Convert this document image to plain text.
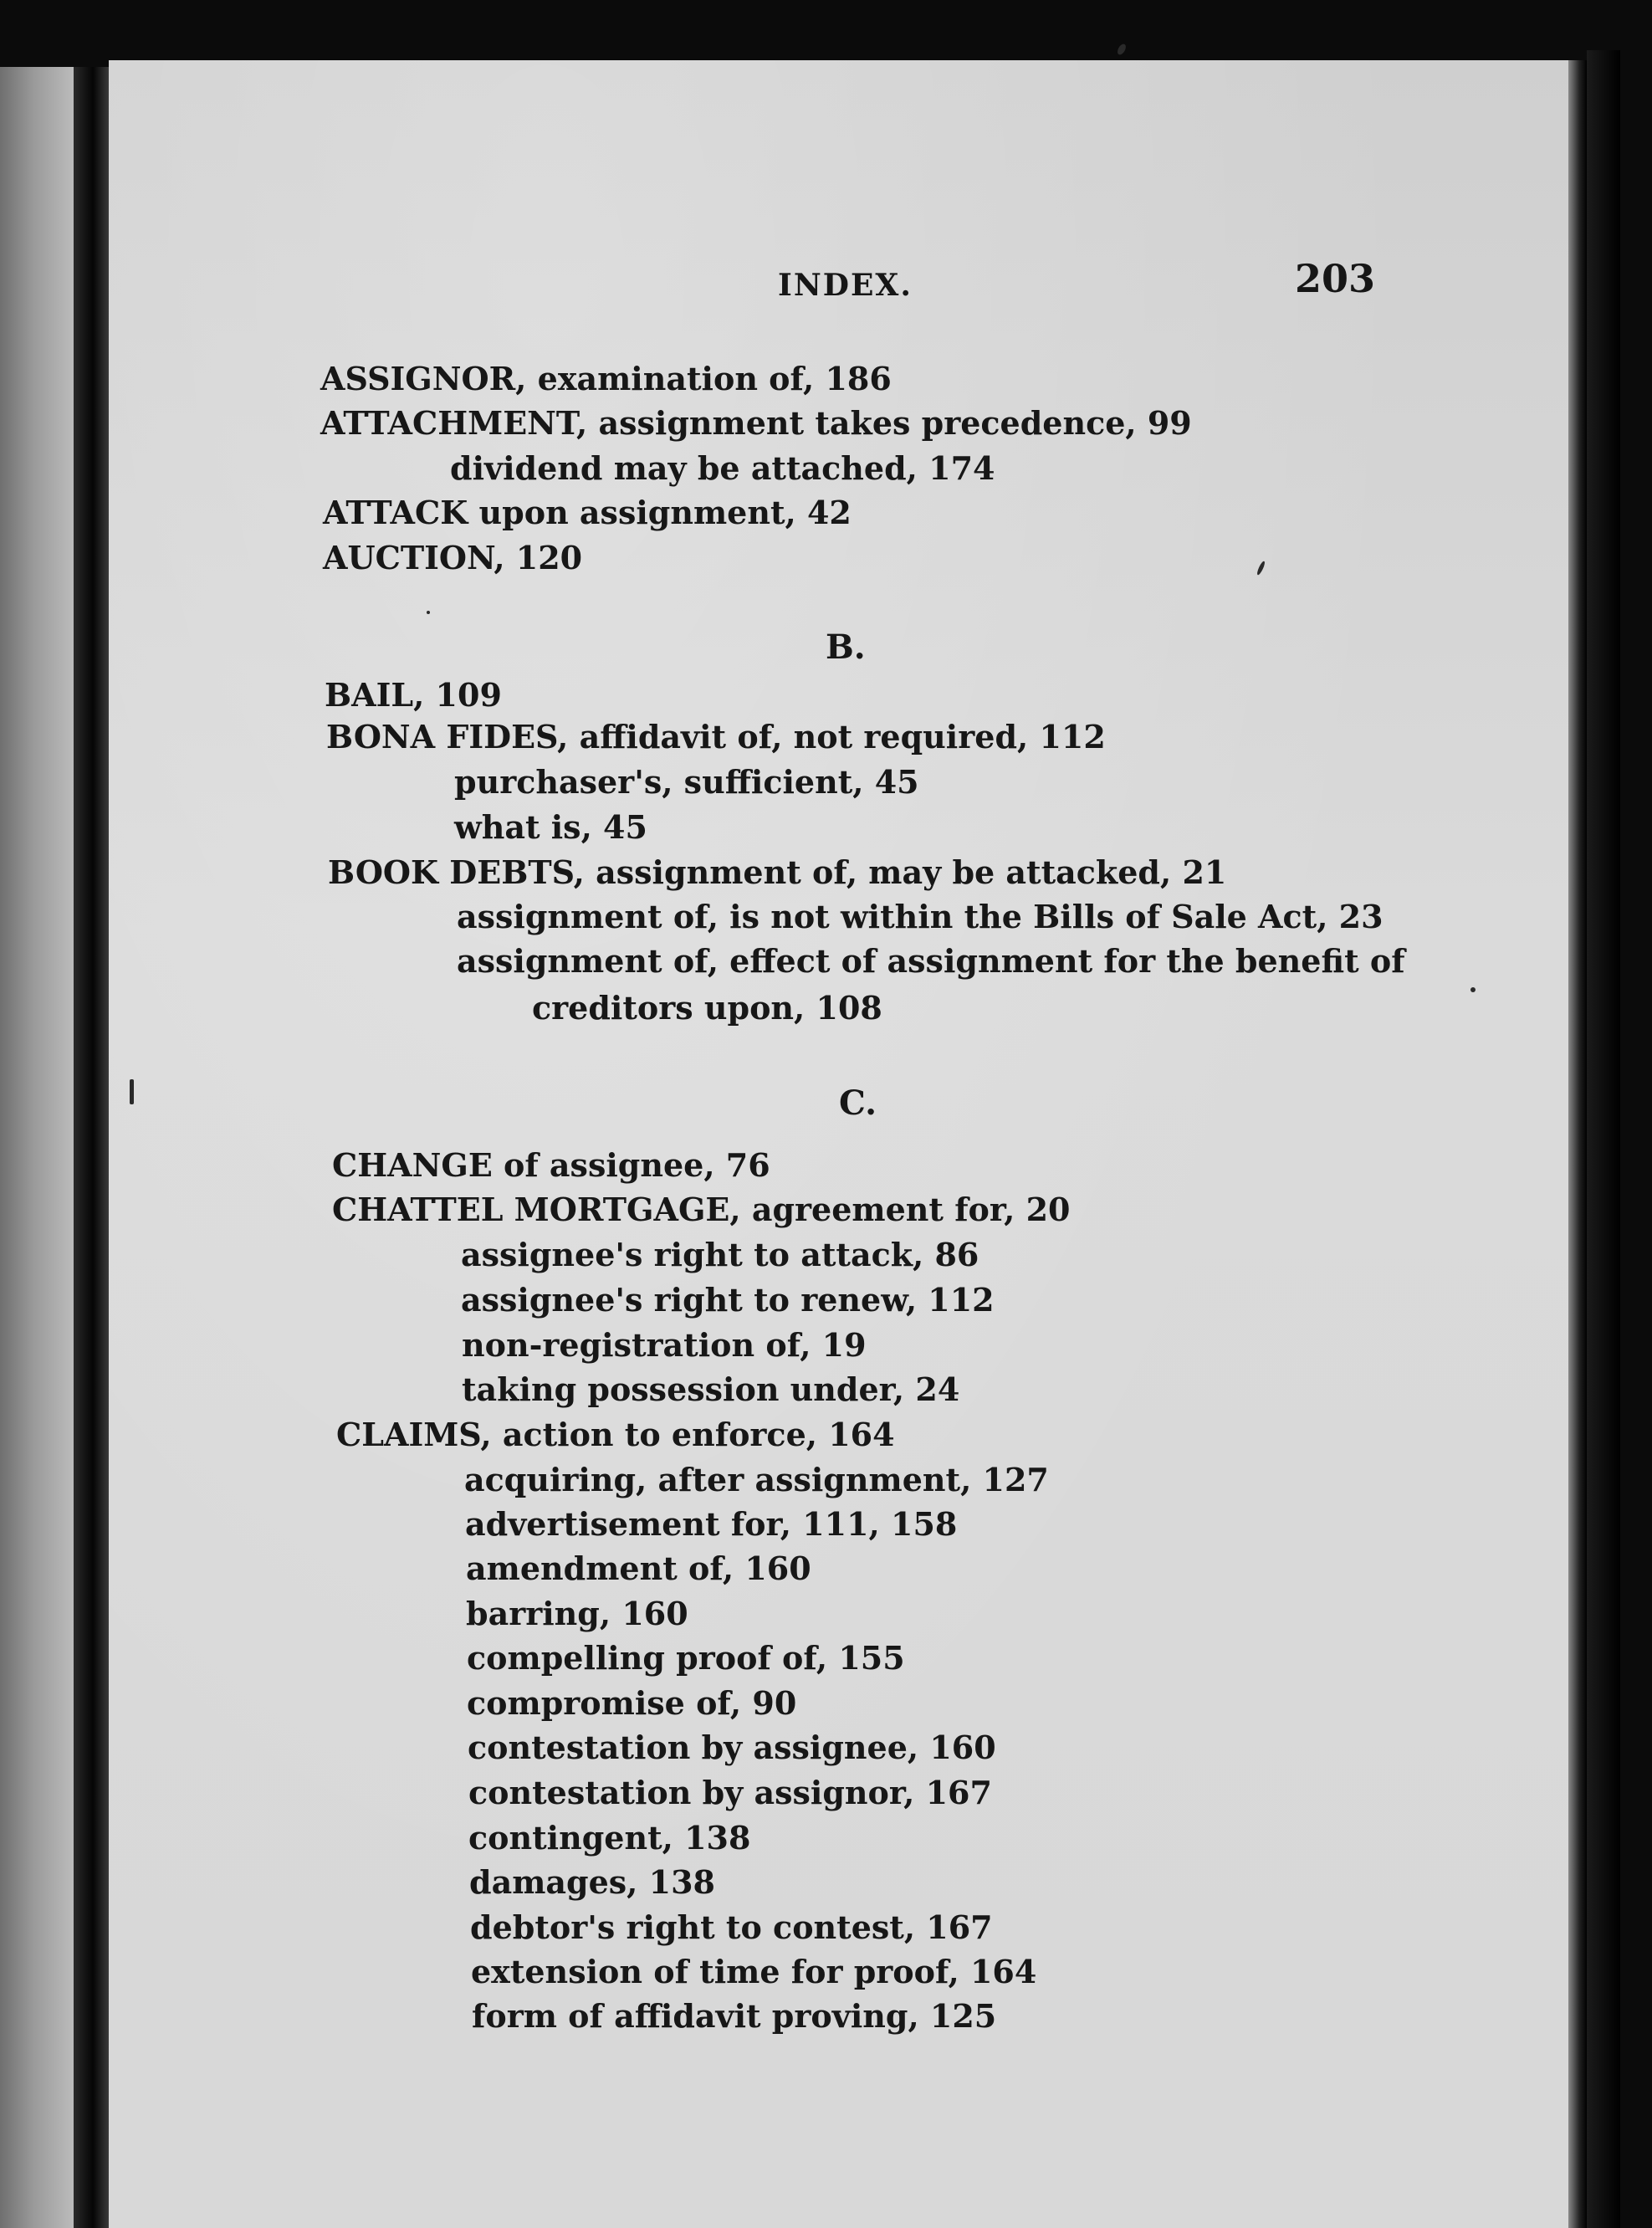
INDEX.	203
ASSIGNOR, examination of, 186
ATTACHMENT, assignment takes precedence, 99
dividend may be attached, 174
ATTACK upon assignment, 42
AUCTION, 120
B.
BAIL, 109
BONA FIDES, affidavit of, not required, 112
purchaser's, sufficient, 45
what is, 45
BOOK DEBTS, assignment of, may be attacked, 21
assignment of, is not within the Bills of Sale Act, 23
assignment of, effect of assignment for the benefit of
creditors upon, 108
C.
CHANGE of assignee, 76
CHATTEL MORTGAGE, agreement for, 20
assignee's right to attack, 86
assignee's right to renew, 112
non-registration of, 19
taking possession under, 24
CLAIMS, action to enforce, 164
acquiring, after assignment, 127
advertisement for, 111, 158
amendment of, 160
barring, 160
compelling proof of, 155
compromise of, 90
contestation by assignee, 160
contestation by assignor, 167
contingent, 138
damages, 138
debtor's right to contest, 167
extension of time for proof, 164
form of affidavit proving, 125
